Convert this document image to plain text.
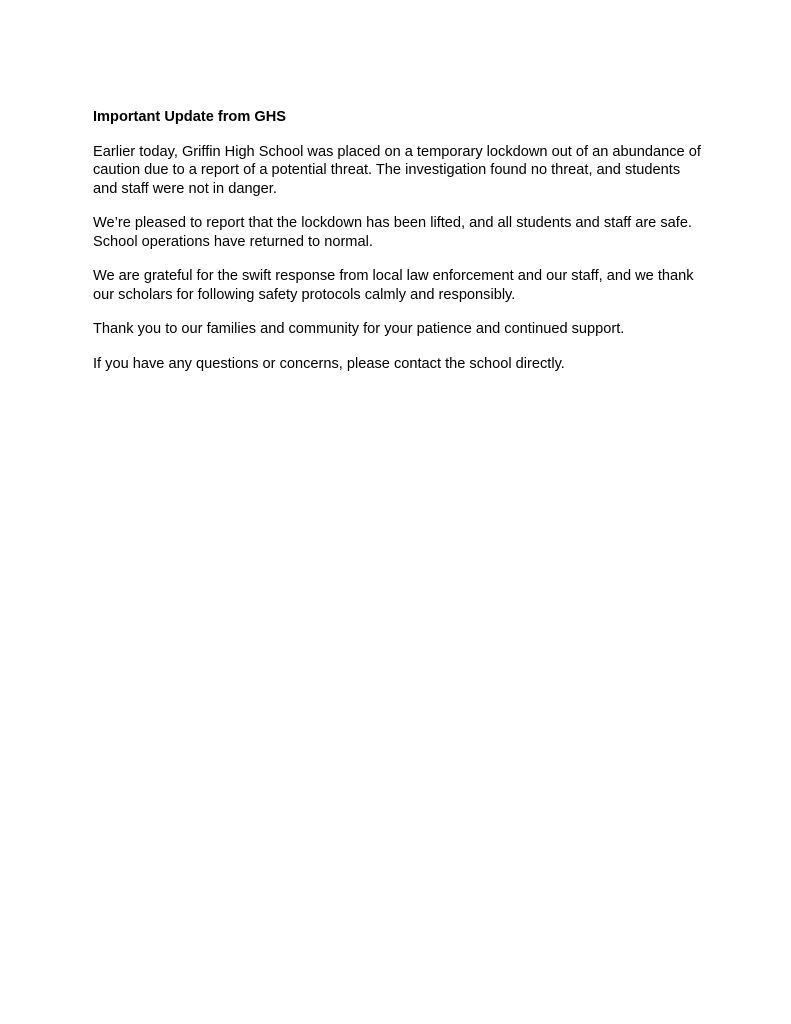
Important Update from GHS

Earlier today, Griffin High School was placed on a temporary lockdown out of an abundance of caution due to a report of a potential threat. The investigation found no threat, and students and staff were not in danger.

We’re pleased to report that the lockdown has been lifted, and all students and staff are safe. School operations have returned to normal.

We are grateful for the swift response from local law enforcement and our staff, and we thank our scholars for following safety protocols calmly and responsibly.

Thank you to our families and community for your patience and continued support.

If you have any questions or concerns, please contact the school directly.
